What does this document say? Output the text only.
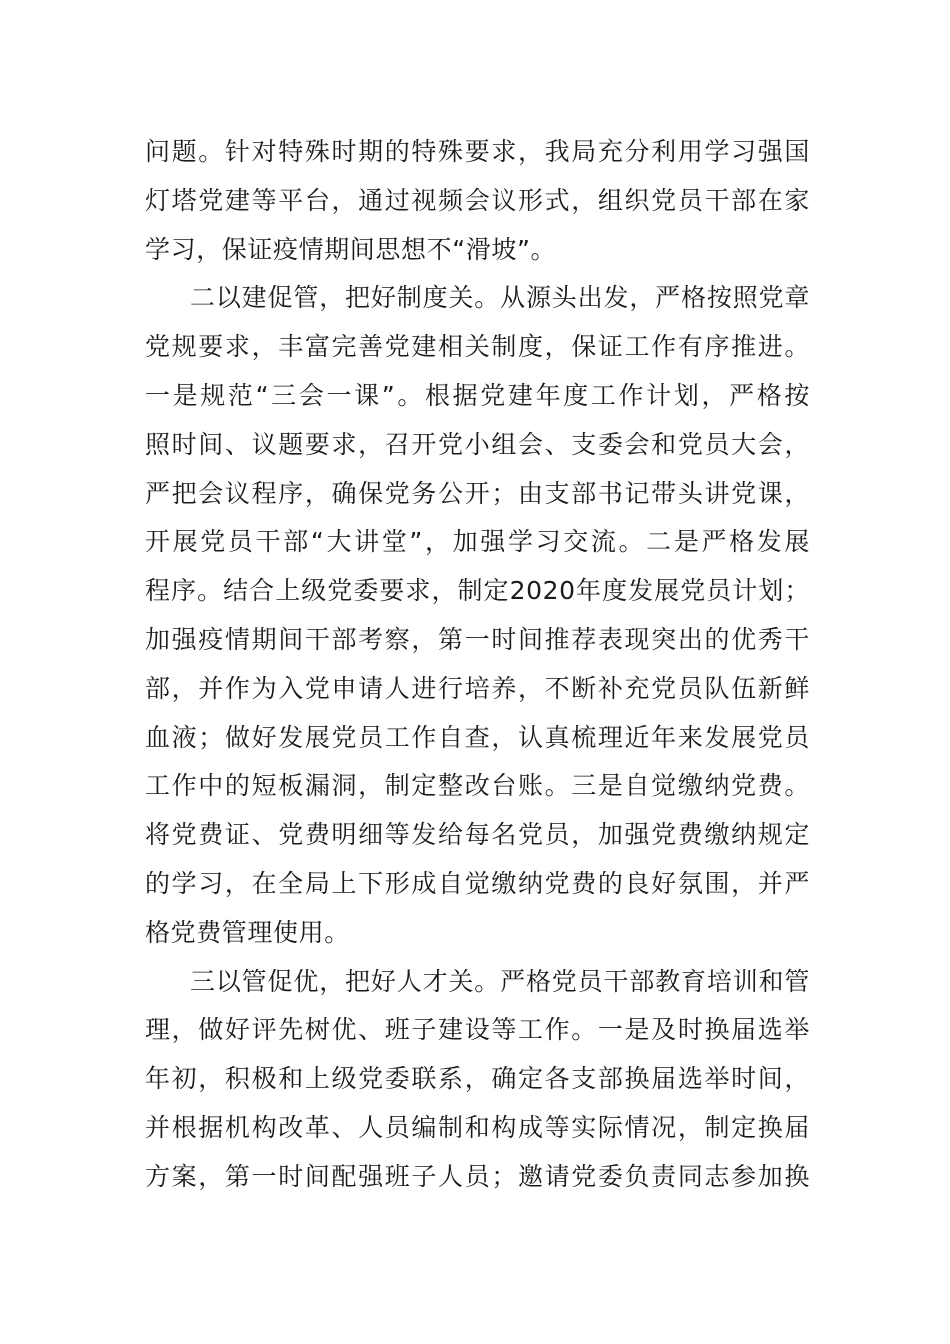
问题。针对特殊时期的特殊要求，我局充分利用学习强国
灯塔党建等平台，通过视频会议形式，组织党员干部在家
学习，保证疫情期间思想不“滑坡”。
二以建促管，把好制度关。从源头出发，严格按照党章
党规要求，丰富完善党建相关制度，保证工作有序推进。
一是规范“三会一课”。根据党建年度工作计划，严格按
照时间、议题要求，召开党小组会、支委会和党员大会，
严把会议程序，确保党务公开；由支部书记带头讲党课，
开展党员干部“大讲堂”，加强学习交流。二是严格发展
程序。结合上级党委要求，制定2020年度发展党员计划；
加强疫情期间干部考察，第一时间推荐表现突出的优秀干
部，并作为入党申请人进行培养，不断补充党员队伍新鲜
血液；做好发展党员工作自查，认真梳理近年来发展党员
工作中的短板漏洞，制定整改台账。三是自觉缴纳党费。
将党费证、党费明细等发给每名党员，加强党费缴纳规定
的学习，在全局上下形成自觉缴纳党费的良好氛围，并严
格党费管理使用。
三以管促优，把好人才关。严格党员干部教育培训和管
理，做好评先树优、班子建设等工作。一是及时换届选举
年初，积极和上级党委联系，确定各支部换届选举时间，
并根据机构改革、人员编制和构成等实际情况，制定换届
方案，第一时间配强班子人员；邀请党委负责同志参加换
